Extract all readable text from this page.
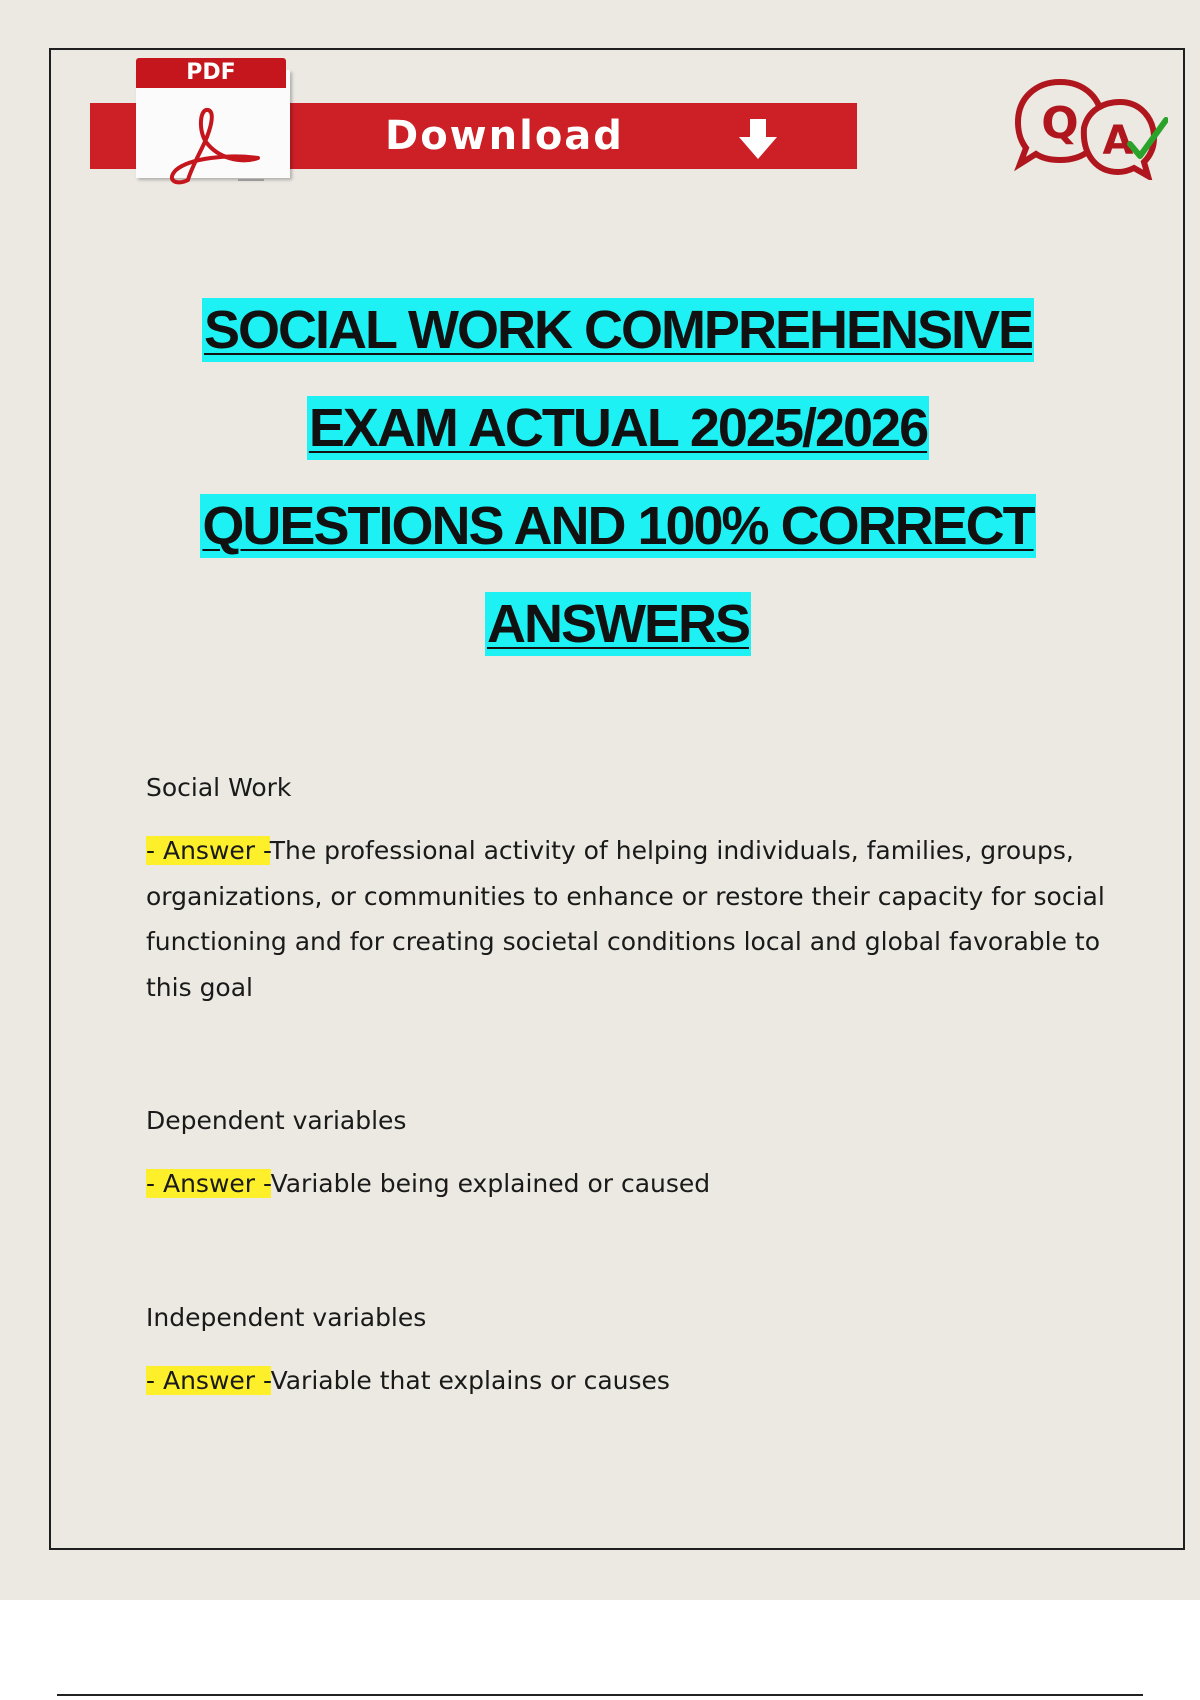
Download
PDF
Q A
SOCIAL WORK COMPREHENSIVE
EXAM ACTUAL 2025/2026
QUESTIONS AND 100% CORRECT
ANSWERS
Social Work
- Answer -The professional activity of helping individuals, families, groups, organizations, or communities to enhance or restore their capacity for social functioning and for creating societal conditions local and global favorable to this goal
Dependent variables
- Answer -Variable being explained or caused
Independent variables
- Answer -Variable that explains or causes
